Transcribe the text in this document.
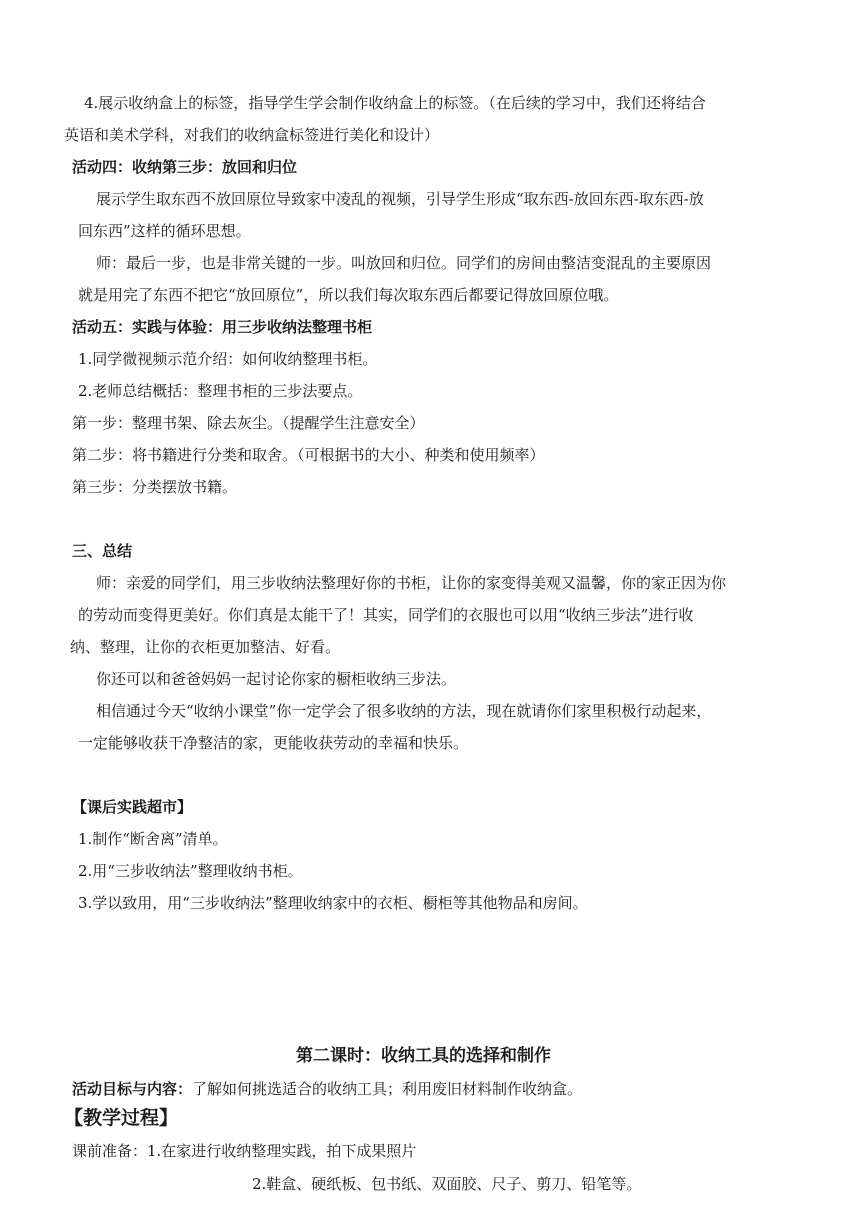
4.展示收纳盒上的标签，指导学生学会制作收纳盒上的标签。（在后续的学习中，我们还将结合
英语和美术学科，对我们的收纳盒标签进行美化和设计）
活动四：收纳第三步：放回和归位
展示学生取东西不放回原位导致家中凌乱的视频，引导学生形成“取东西-放回东西-取东西-放
回东西”这样的循环思想。
师：最后一步，也是非常关键的一步。叫放回和归位。同学们的房间由整洁变混乱的主要原因
就是用完了东西不把它“放回原位”，所以我们每次取东西后都要记得放回原位哦。
活动五：实践与体验：用三步收纳法整理书柜
1.同学微视频示范介绍：如何收纳整理书柜。
2.老师总结概括：整理书柜的三步法要点。
第一步：整理书架、除去灰尘。（提醒学生注意安全）
第二步：将书籍进行分类和取舍。（可根据书的大小、种类和使用频率）
第三步：分类摆放书籍。
三、总结
师：亲爱的同学们，用三步收纳法整理好你的书柜，让你的家变得美观又温馨，你的家正因为你
的劳动而变得更美好。你们真是太能干了！其实，同学们的衣服也可以用“收纳三步法”进行收
纳、整理，让你的衣柜更加整洁、好看。
你还可以和爸爸妈妈一起讨论你家的橱柜收纳三步法。
相信通过今天“收纳小课堂”你一定学会了很多收纳的方法，现在就请你们家里积极行动起来，
一定能够收获干净整洁的家，更能收获劳动的幸福和快乐。
【课后实践超市】
1.制作“断舍离”清单。
2.用“三步收纳法”整理收纳书柜。
3.学以致用，用“三步收纳法”整理收纳家中的衣柜、橱柜等其他物品和房间。
第二课时：收纳工具的选择和制作
活动目标与内容：了解如何挑选适合的收纳工具；利用废旧材料制作收纳盒。
【教学过程】
课前准备：1.在家进行收纳整理实践，拍下成果照片
2.鞋盒、硬纸板、包书纸、双面胶、尺子、剪刀、铅笔等。
